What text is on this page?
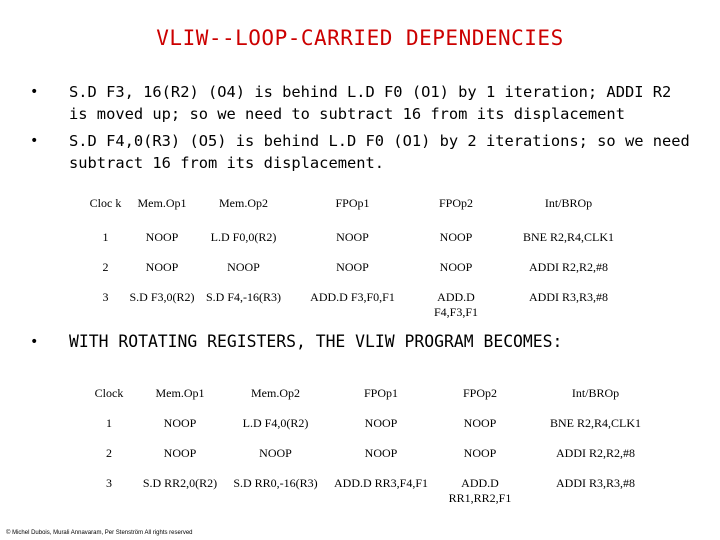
VLIW--LOOP-CARRIED DEPENDENCIES
• S.D F3, 16(R2) (O4) is behind L.D F0 (O1) by 1 iteration; ADDI R2 is moved up; so we need to subtract 16 from its displacement
• S.D F4,0(R3) (O5) is behind L.D F0 (O1) by 2 iterations; so we need subtract 16 from its displacement.
Cloc k	Mem.Op1	Mem.Op2	FPOp1	FPOp2	Int/BROp
1	NOOP	L.D F0,0(R2)	NOOP	NOOP	BNE R2,R4,CLK1
2	NOOP	NOOP	NOOP	NOOP	ADDI R2,R2,#8
3	S.D F3,0(R2)	S.D F4,-16(R3)	ADD.D F3,F0,F1	ADD.D F4,F3,F1	ADDI R3,R3,#8
• WITH ROTATING REGISTERS, THE VLIW PROGRAM BECOMES:
Clock	Mem.Op1	Mem.Op2	FPOp1	FPOp2	Int/BROp
1	NOOP	L.D F4,0(R2)	NOOP	NOOP	BNE R2,R4,CLK1
2	NOOP	NOOP	NOOP	NOOP	ADDI R2,R2,#8
3	S.D RR2,0(R2)	S.D RR0,-16(R3)	ADD.D RR3,F4,F1	ADD.D RR1,RR2,F1	ADDI R3,R3,#8
© Michel Dubois, Murali Annavaram, Per Stenström All rights reserved
